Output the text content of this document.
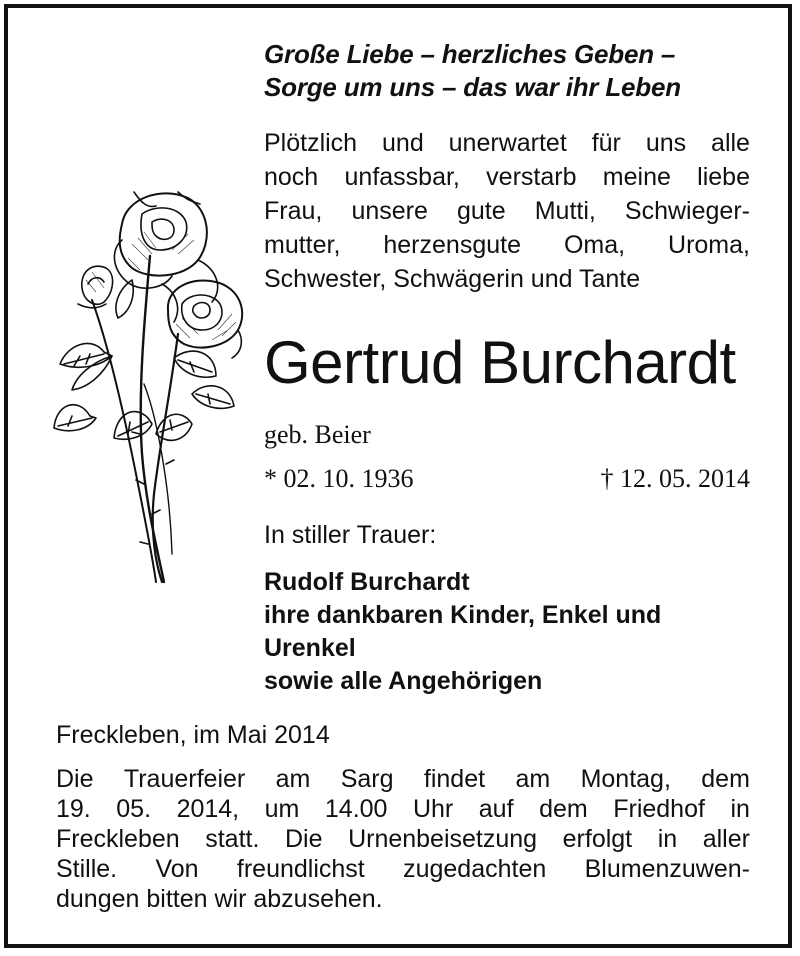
Große Liebe – herzliches Geben –
Sorge um uns – das war ihr Leben
Plötzlich und unerwartet für uns alle
noch unfassbar, verstarb meine liebe
Frau, unsere gute Mutti, Schwieger-
mutter, herzensgute Oma, Uroma,
Schwester, Schwägerin und Tante
Gertrud Burchardt
geb. Beier
* 02. 10. 1936	† 12. 05. 2014
In stiller Trauer:
Rudolf Burchardt
ihre dankbaren Kinder, Enkel und
Urenkel
sowie alle Angehörigen
Freckleben, im Mai 2014
Die Trauerfeier am Sarg findet am Montag, dem
19. 05. 2014, um 14.00 Uhr auf dem Friedhof in
Freckleben statt. Die Urnenbeisetzung erfolgt in aller
Stille. Von freundlichst zugedachten Blumenzuwen-
dungen bitten wir abzusehen.
